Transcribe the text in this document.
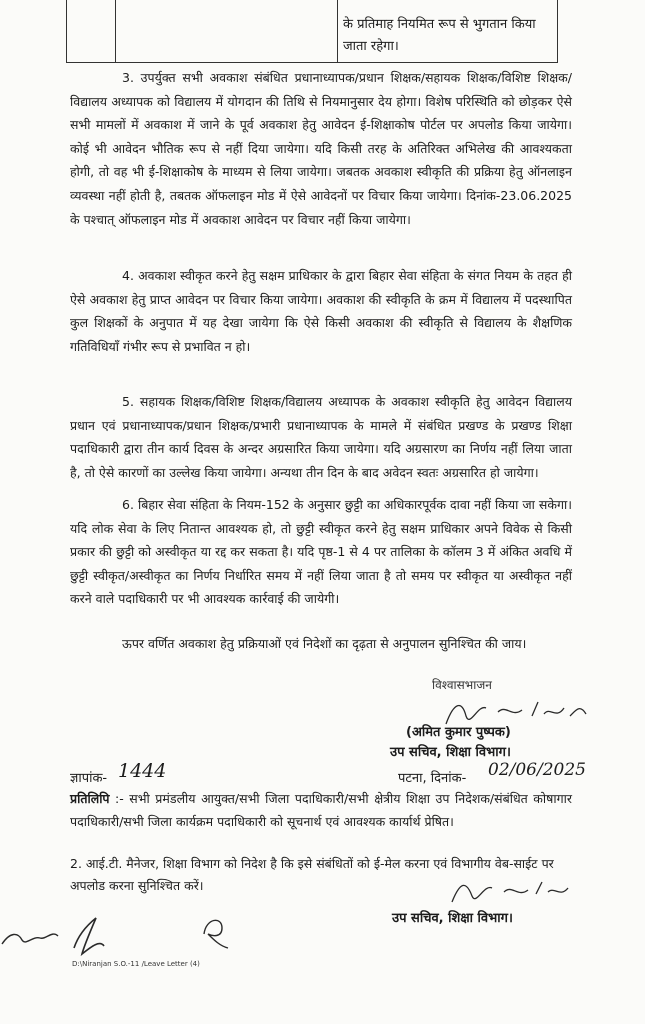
के प्रतिमाह नियमित रूप से भुगतान किया जाता रहेगा।
3. उपर्युक्त सभी अवकाश संबंधित प्रधानाध्यापक/प्रधान शिक्षक/सहायक शिक्षक/विशिष्ट शिक्षक/विद्यालय अध्यापक को विद्यालय में योगदान की तिथि से नियमानुसार देय होगा। विशेष परिस्थिति को छोड़कर ऐसे सभी मामलों में अवकाश में जाने के पूर्व अवकाश हेतु आवेदन ई-शिक्षाकोष पोर्टल पर अपलोड किया जायेगा। कोई भी आवेदन भौतिक रूप से नहीं दिया जायेगा। यदि किसी तरह के अतिरिक्त अभिलेख की आवश्यकता होगी, तो वह भी ई-शिक्षाकोष के माध्यम से लिया जायेगा। जबतक अवकाश स्वीकृति की प्रक्रिया हेतु ऑनलाइन व्यवस्था नहीं होती है, तबतक ऑफलाइन मोड में ऐसे आवेदनों पर विचार किया जायेगा। दिनांक-23.06.2025 के पश्चात् ऑफलाइन मोड में अवकाश आवेदन पर विचार नहीं किया जायेगा।
4. अवकाश स्वीकृत करने हेतु सक्षम प्राधिकार के द्वारा बिहार सेवा संहिता के संगत नियम के तहत ही ऐसे अवकाश हेतु प्राप्त आवेदन पर विचार किया जायेगा। अवकाश की स्वीकृति के क्रम में विद्यालय में पदस्थापित कुल शिक्षकों के अनुपात में यह देखा जायेगा कि ऐसे किसी अवकाश की स्वीकृति से विद्यालय के शैक्षणिक गतिविधियाँ गंभीर रूप से प्रभावित न हो।
5. सहायक शिक्षक/विशिष्ट शिक्षक/विद्यालय अध्यापक के अवकाश स्वीकृति हेतु आवेदन विद्यालय प्रधान एवं प्रधानाध्यापक/प्रधान शिक्षक/प्रभारी प्रधानाध्यापक के मामले में संबंधित प्रखण्ड के प्रखण्ड शिक्षा पदाधिकारी द्वारा तीन कार्य दिवस के अन्दर अग्रसारित किया जायेगा। यदि अग्रसारण का निर्णय नहीं लिया जाता है, तो ऐसे कारणों का उल्लेख किया जायेगा। अन्यथा तीन दिन के बाद अवेदन स्वतः अग्रसारित हो जायेगा।
6. बिहार सेवा संहिता के नियम-152 के अनुसार छुट्टी का अधिकारपूर्वक दावा नहीं किया जा सकेगा। यदि लोक सेवा के लिए नितान्त आवश्यक हो, तो छुट्टी स्वीकृत करने हेतु सक्षम प्राधिकार अपने विवेक से किसी प्रकार की छुट्टी को अस्वीकृत या रद्द कर सकता है। यदि पृष्ठ-1 से 4 पर तालिका के कॉलम 3 में अंकित अवधि में छुट्टी स्वीकृत/अस्वीकृत का निर्णय निर्धारित समय में नहीं लिया जाता है तो समय पर स्वीकृत या अस्वीकृत नहीं करने वाले पदाधिकारी पर भी आवश्यक कार्रवाई की जायेगी।
ऊपर वर्णित अवकाश हेतु प्रक्रियाओं एवं निदेशों का दृढ़ता से अनुपालन सुनिश्चित की जाय।
विश्वासभाजन
(अमित कुमार पुष्पक)
उप सचिव, शिक्षा विभाग।
ज्ञापांक- 1444	पटना, दिनांक- 02/06/2025
प्रतिलिपि :- सभी प्रमंडलीय आयुक्त/सभी जिला पदाधिकारी/सभी क्षेत्रीय शिक्षा उप निदेशक/संबंधित कोषागार पदाधिकारी/सभी जिला कार्यक्रम पदाधिकारी को सूचनार्थ एवं आवश्यक कार्यार्थ प्रेषित।
2. आई.टी. मैनेजर, शिक्षा विभाग को निदेश है कि इसे संबंधितों को ई-मेल करना एवं विभागीय वेब-साईट पर अपलोड करना सुनिश्चित करें।
उप सचिव, शिक्षा विभाग।
D:\Niranjan S.O.-11 /Leave Letter (4)
